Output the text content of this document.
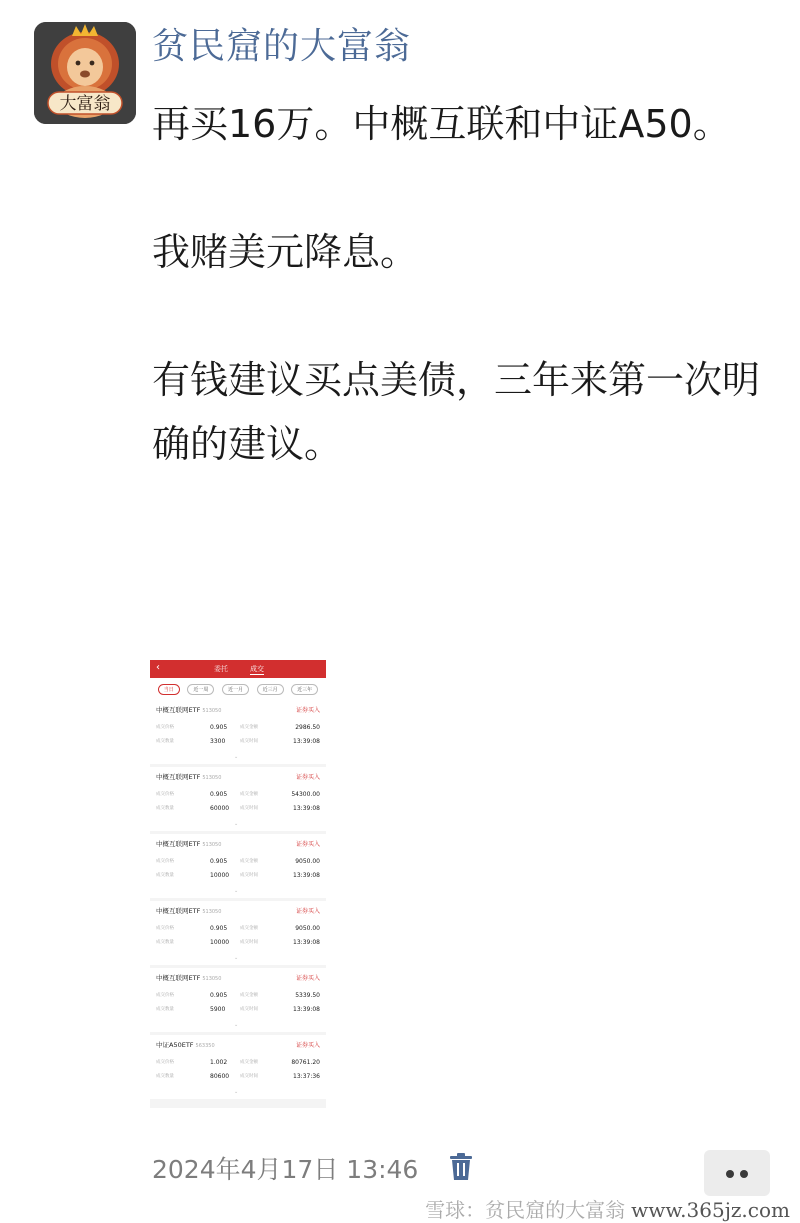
大富翁
贫民窟的大富翁

再买16万。中概互联和中证A50。

我赌美元降息。

有钱建议买点美债，三年来第一次明确的建议。

‹	委托	成交
当日	近一周	近一月	近三月	近三年
中概互联网ETF 513050	证券买入
成交价格	0.905	成交金额	2986.50
成交数量	3300	成交时间	13:39:08
⌄
中概互联网ETF 513050	证券买入
成交价格	0.905	成交金额	54300.00
成交数量	60000 成交时间	13:39:08
⌄
中概互联网ETF 513050	证券买入
成交价格	0.905	成交金额	9050.00
成交数量	10000 成交时间	13:39:08
⌄
中概互联网ETF 513050	证券买入
成交价格	0.905	成交金额	9050.00
成交数量	10000 成交时间	13:39:08
⌄
中概互联网ETF 513050	证券买入
成交价格	0.905	成交金额	5339.50
成交数量	5900	成交时间	13:39:08
⌄
中证A50ETF 563350	证券买入
成交价格	1.002	成交金额	80761.20
成交数量	80600 成交时间	13:37:36
⌄
2024年4月17日 13:46
雪球：贫民窟的大富翁 www.365jz.com
